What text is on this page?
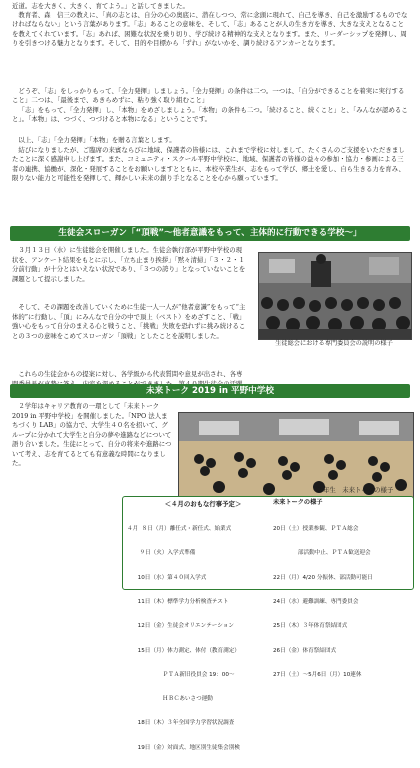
近道。志を大きく、大きく、育てよう。」と話してきました。

教育者、森　信三の教えに、「真の志とは、自分の心の奥底に、潜在しつつ、常に念頭に現れて、自己を導き、自己を激励するものでなければならない」という言葉があります。「志」あることの意味を、そして、「志」あることが人の生き方を導き、大きな支えとなることを教えてくれています。「志」あれば、困難な状況を乗り切り、学び続ける精神的な支えとなります。また、リーダーシップを発揮し、周りを引きつける魅力となります。そして、目的や目標から「ずれ」がないかを、調り続けるアンカーとなります。

どうぞ、「志」をしっかりもって、「全力発揮」しましょう。「全力発揮」の条件は二つ。一つは、「自分ができることを着実に実行すること」二つは、「最後まで、あきらめずに、粘り強く取り組むこと」

「志」をもって、「全力発揮」し、「本物」をめざしましょう。「本物」の条件も二つ。「続けること、続くこと」と、「みんなが認めること」。「本物」は、つづく、つづけると本物になる」ということです。

以上、「志」「全力発揮」「本物」を贈る言葉とします。

結びになりましたが、ご臨席の来賓ならびに地域、保護者の皆様には、これまで学校に対しまして、たくさんのご支援をいただきましたことに深く感謝申し上げます。また、コミュニティ・スクール平野中学校に、地域、保護者の皆様の益々の参加・協力・参画による三者の連携、協働が、深化・発展することをお願いしますとともに、本校卒業生が、志をもって学び、郷土を愛し、自ら生きる力を育み、限りない能力と可能性を発揮して、輝かしい未来の創り手となることを心から願っています。

生徒会スローガン「“頂戦”〜他者意識をもって、主体的に行動できる学校〜」

３月１３日（水）に生徒総会を開催しました。生徒会執行部が平野中学校の現状を、アンケート結果をもとに示し、「立ち止まり挨拶」「黙々清掃」「３・２・１分前行動」が十分とはいえない状況であり、「３つの誇り」となっていないことを課題として提示しました。

そして、その課題を改善していくために生徒一人一人が“他者意識”をもって“主体的”に行動し、「頂」にみんなで自分の中で頂上（ベスト）をめざすこと、「戦」強い心をもって自分のまえる心と戦うこと、「挑戦」失敗を恐れずに挑み続けることの３つの意味をこめてスローガン「頂戦」としたことを説明しました。

これらの生徒会からの提案に対し、各学級から代表質問や意見が出され、各専

生徒総会における専門委員会の説明の様子
未来トーク 2019 in 平野中学校

２学年はキャリア教育の一環として「未来トーク 2019 in 平野中学校」を開催しました。「NPO 法人まちづくり LAB」の協力で、大学生４０名を招いて、グループに分かれて大学生と自分の夢や進路などについて語り合いました。生徒にとって、自分の将来や進路について考え、志を育てるとても有意義な時間になりました。

２年生　未来トークの様子
＜４月のおもな行事予定＞	未来トークの様子

４月  ８日（月）離任式・新任式、始業式

９日（火）入学式準備

10日（水）第４０回入学式

11日（木）標準学力分析検査テスト

12日（金）生徒会オリエンテーション

15日（月）体力測定、体付（教育測定）

ＰＴＡ新旧役員会 19：00〜

ＨＢＣあいさつ運動

18日（木）３年全国学力学習状況調査

19日（金）対面式、地区別生徒集会別検

20日（土）授業参観、ＰＴＡ総会

部活動中止、ＰＴＡ歓送迎会

22日（月）4/20 分振休、部活動可能日

24日（水）避難訓練、専門委員会

25日（木）３年体育祭結団式

26日（金）体育祭結団式

27日（土）〜5月6日（月）10連休
